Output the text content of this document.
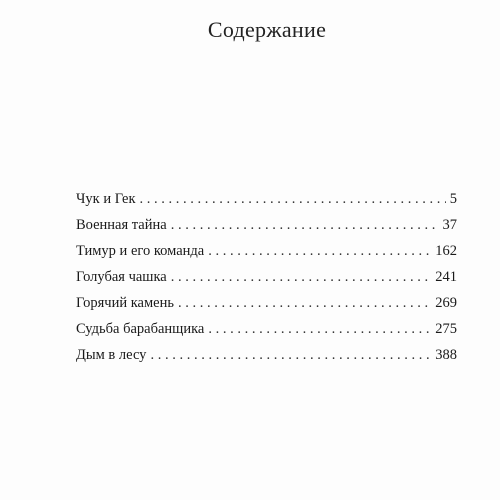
Содержание
Чук и Гек . . .	5
Военная тайна . . .	37
Тимур и его команда . . .	162
Голубая чашка . . .	241
Горячий камень . . .	269
Судьба барабанщика . . .	275
Дым в лесу . . .	388
